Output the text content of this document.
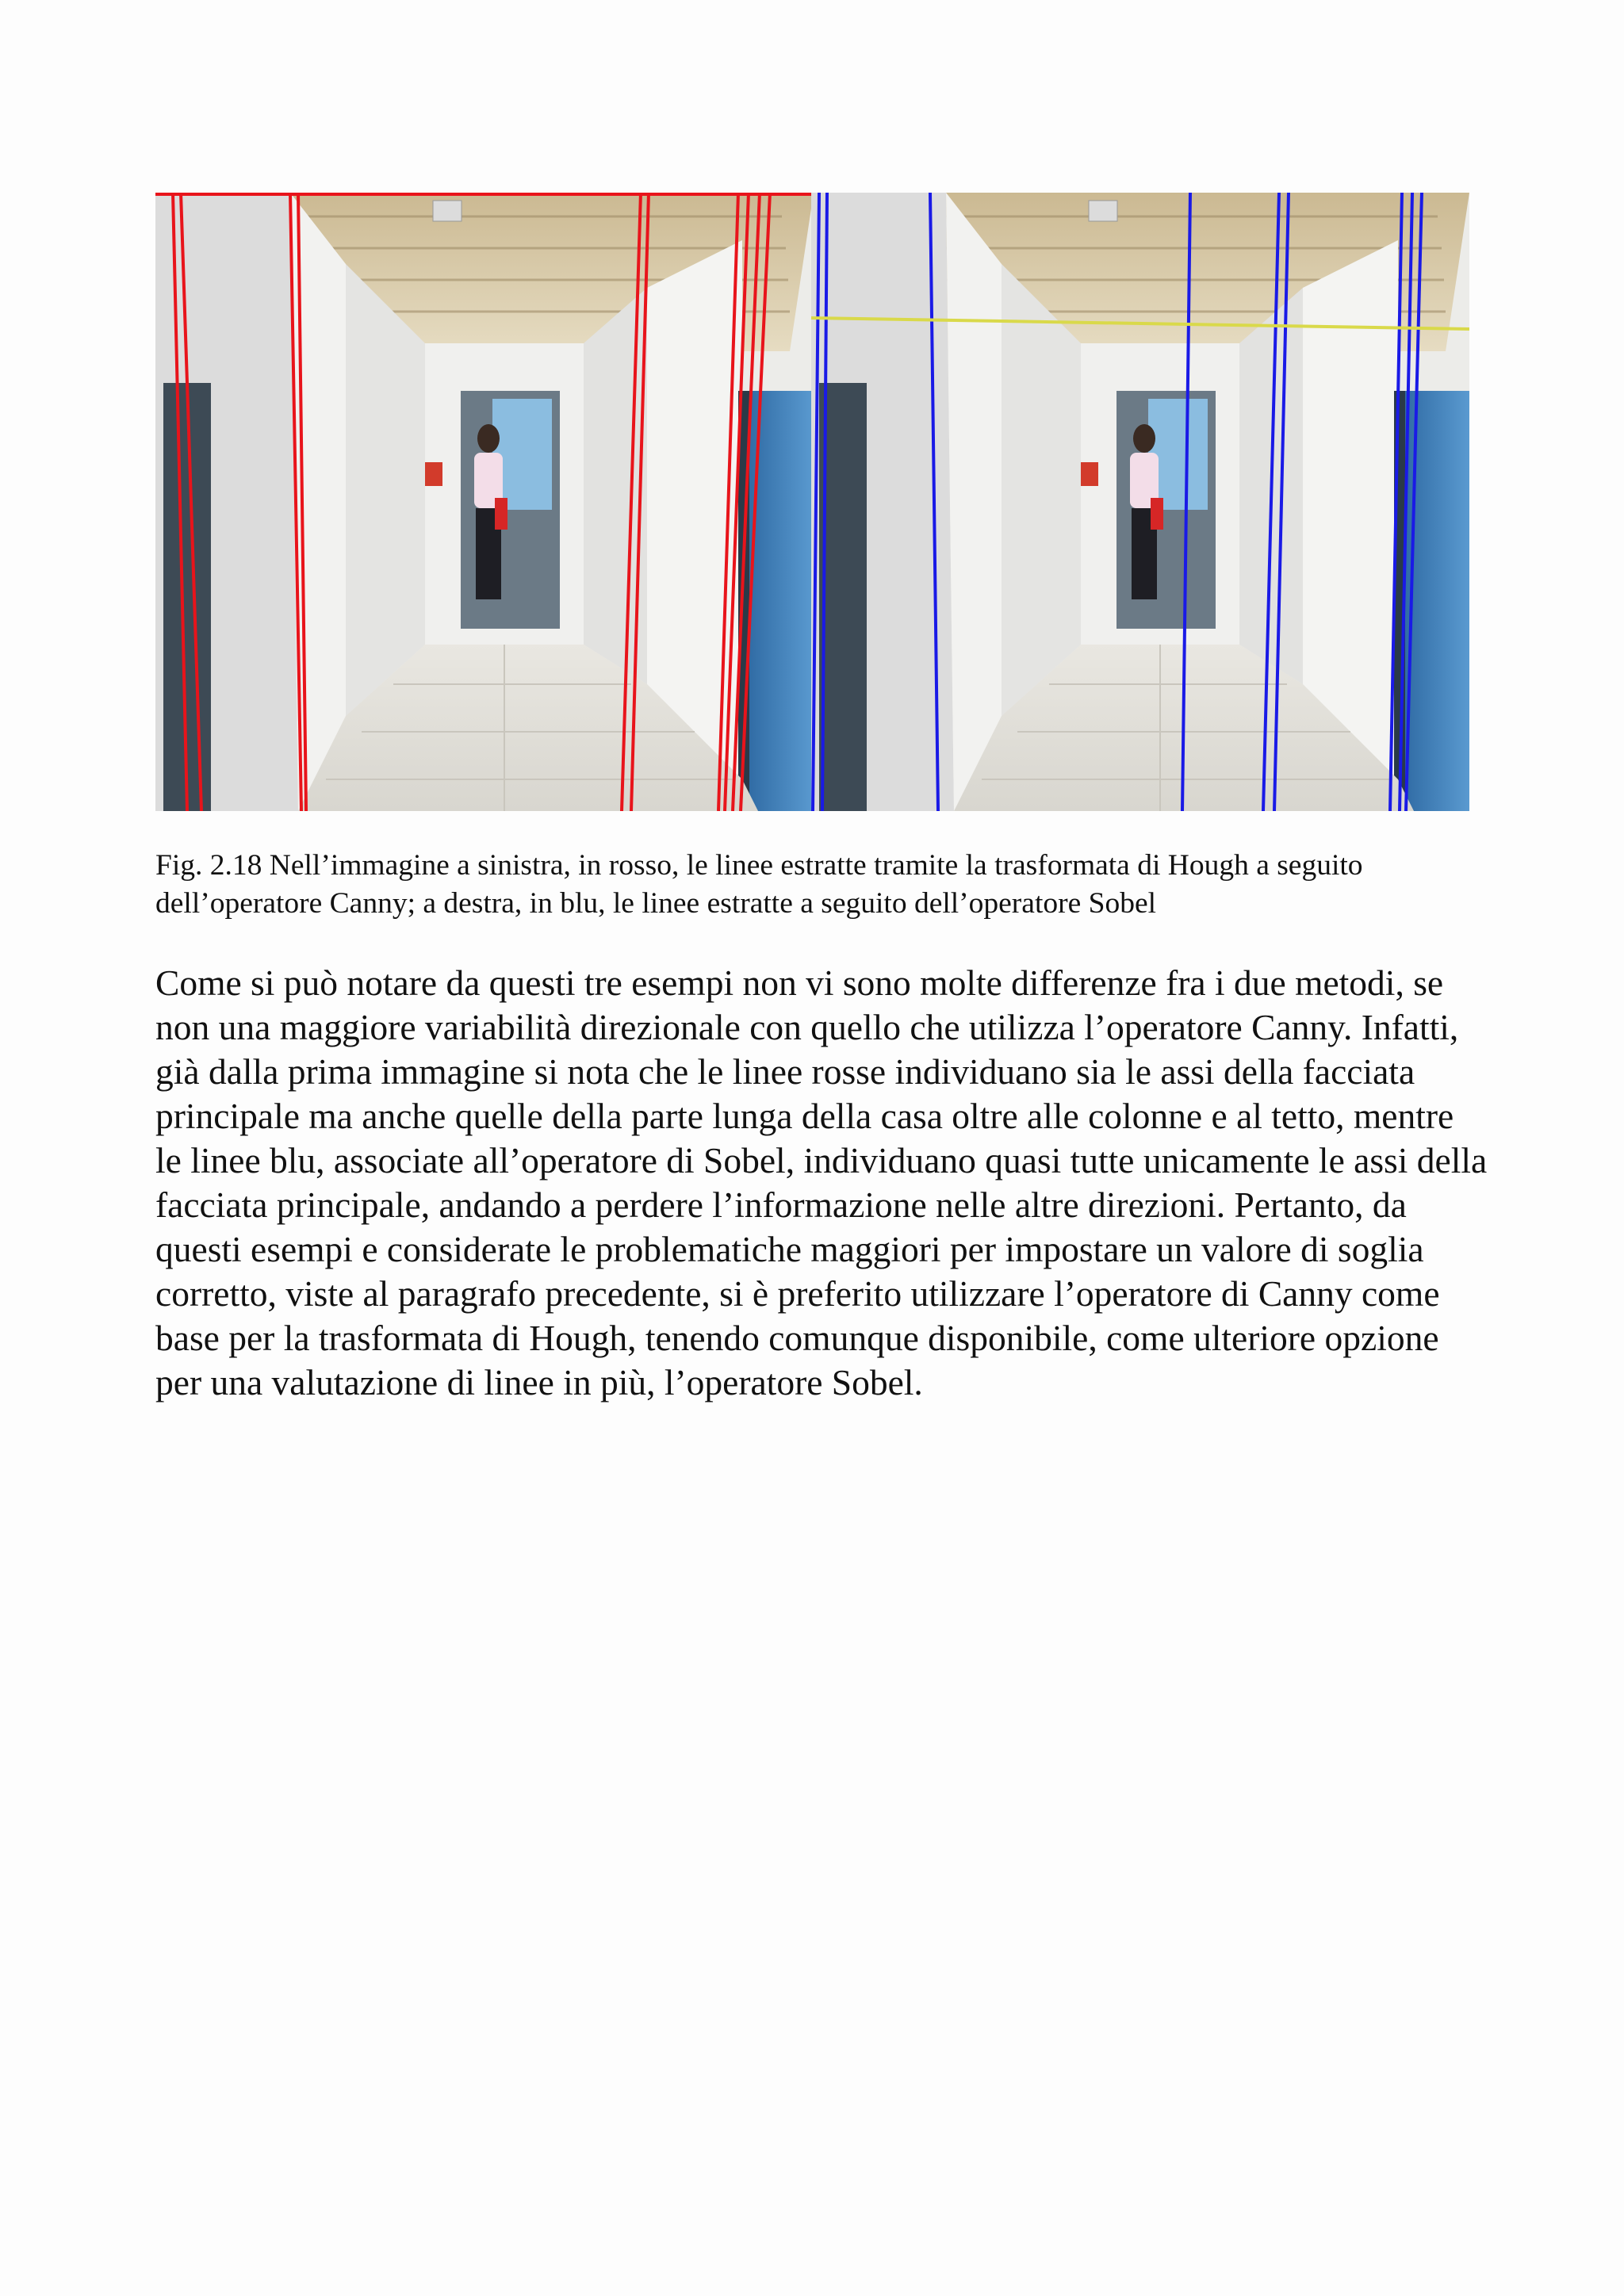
Fig. 2.18 Nell’immagine a sinistra, in rosso, le linee estratte tramite la trasformata di Hough a seguito dell’operatore Canny; a destra, in blu, le linee estratte a seguito dell’operatore Sobel

Come si può notare da questi tre esempi non vi sono molte differenze fra i due metodi, se non una maggiore variabilità direzionale con quello che utilizza l’operatore Canny. Infatti, già dalla prima immagine si nota che le linee rosse individuano sia le assi della facciata principale ma anche quelle della parte lunga della casa oltre alle colonne e al tetto, mentre le linee blu, associate all’operatore di Sobel, individuano quasi tutte unicamente le assi della facciata principale, andando a perdere l’informazione nelle altre direzioni. Pertanto, da questi esempi e considerate le problematiche maggiori per impostare un valore di soglia corretto, viste al paragrafo precedente, si è preferito utilizzare l’operatore di Canny come base per la trasformata di Hough, tenendo comunque disponibile, come ulteriore opzione per una valutazione di linee in più, l’operatore Sobel.
